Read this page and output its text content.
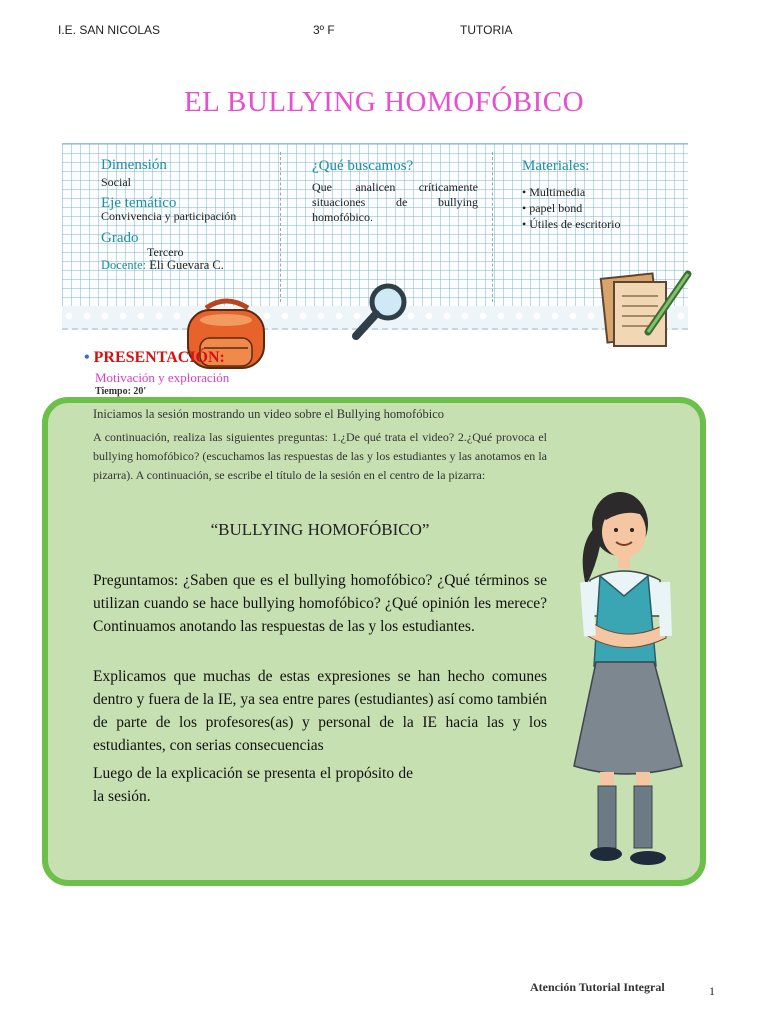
I.E. SAN NICOLAS	3º F	TUTORIA
EL BULLYING HOMOFÓBICO
Dimensión
Social
Eje temático
Convivencia y participación
Grado
Tercero
Docente: Eli Guevara C.
¿Qué buscamos?
Que analicen críticamente situaciones de bullying homofóbico.
Materiales:
• Multimedia
• papel bond
• Útiles de escritorio
• PRESENTACIÓN:
Motivación y exploración
Tiempo: 20'
Iniciamos la sesión mostrando un video sobre el Bullying homofóbico
A continuación, realiza las siguientes preguntas: 1.¿De qué trata el video? 2.¿Qué provoca el bullying homofóbico? (escuchamos las respuestas de las y los estudiantes y las anotamos en la pizarra). A continuación, se escribe el título de la sesión en el centro de la pizarra:
“BULLYING HOMOFÓBICO”
Preguntamos: ¿Saben que es el bullying homofóbico? ¿Qué términos se utilizan cuando se hace bullying homofóbico? ¿Qué opinión les merece? Continuamos anotando las respuestas de las y los estudiantes.
Explicamos que muchas de estas expresiones se han hecho comunes dentro y fuera de la IE, ya sea entre pares (estudiantes) así como también de parte de los profesores(as) y personal de la IE hacia las y los estudiantes, con serias consecuencias
Luego de la explicación se presenta el propósito de la sesión.
Atención Tutorial Integral	1
